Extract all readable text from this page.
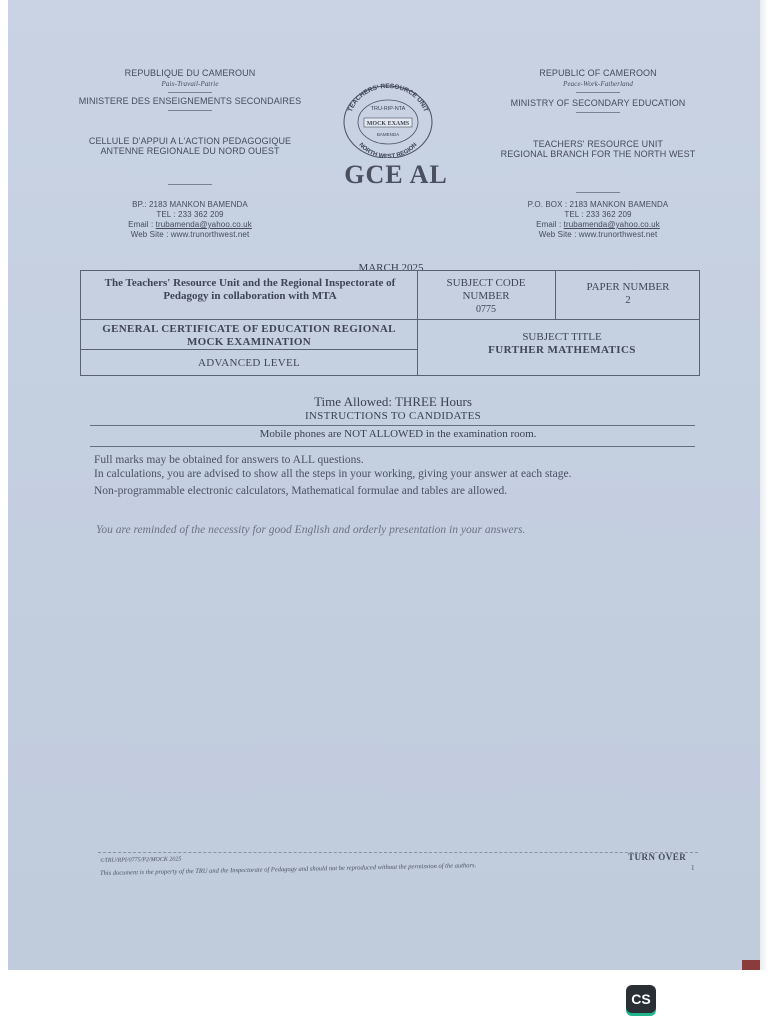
REPUBLIQUE DU CAMEROUN
Paix-Travail-Patrie
MINISTERE DES ENSEIGNEMENTS SECONDAIRES
CELLULE D'APPUI A L'ACTION PEDAGOGIQUE
ANTENNE REGIONALE DU NORD OUEST
BP.: 2183 MANKON BAMENDA
TEL : 233 362 209
Email : trubamenda@yahoo.co.uk
Web Site : www.trunorthwest.net
TEACHERS' RESOURCE UNIT
NORTH WEST REGION
TRU-RIP-NTA
MOCK EXAMS
BAMENDA
GCE AL
REPUBLIC OF CAMEROON
Peace-Work-Fatherland
MINISTRY OF SECONDARY EDUCATION
TEACHERS' RESOURCE UNIT
REGIONAL BRANCH FOR THE NORTH WEST
P.O. BOX : 2183 MANKON BAMENDA
TEL : 233 362 209
Email : trubamenda@yahoo.co.uk
Web Site : www.trunorthwest.net
MARCH 2025
The Teachers' Resource Unit and the Regional Inspectorate of Pedagogy in collaboration with MTA
SUBJECT CODE NUMBER
0775
PAPER NUMBER
2
GENERAL CERTIFICATE OF EDUCATION REGIONAL MOCK EXAMINATION
ADVANCED LEVEL
SUBJECT TITLE
FURTHER MATHEMATICS
Time Allowed: THREE Hours
INSTRUCTIONS TO CANDIDATES
Mobile phones are NOT ALLOWED in the examination room.
Full marks may be obtained for answers to ALL questions.
In calculations, you are advised to show all the steps in your working, giving your answer at each stage.
Non-programmable electronic calculators, Mathematical formulae and tables are allowed.
You are reminded of the necessity for good English and orderly presentation in your answers.
TURN OVER
©TRU/RPI/0775/P2/MOCK 2025
This document is the property of the TRU and the Inspectorate of Pedagogy and should not be reproduced without the permission of the authors.	1
CS
